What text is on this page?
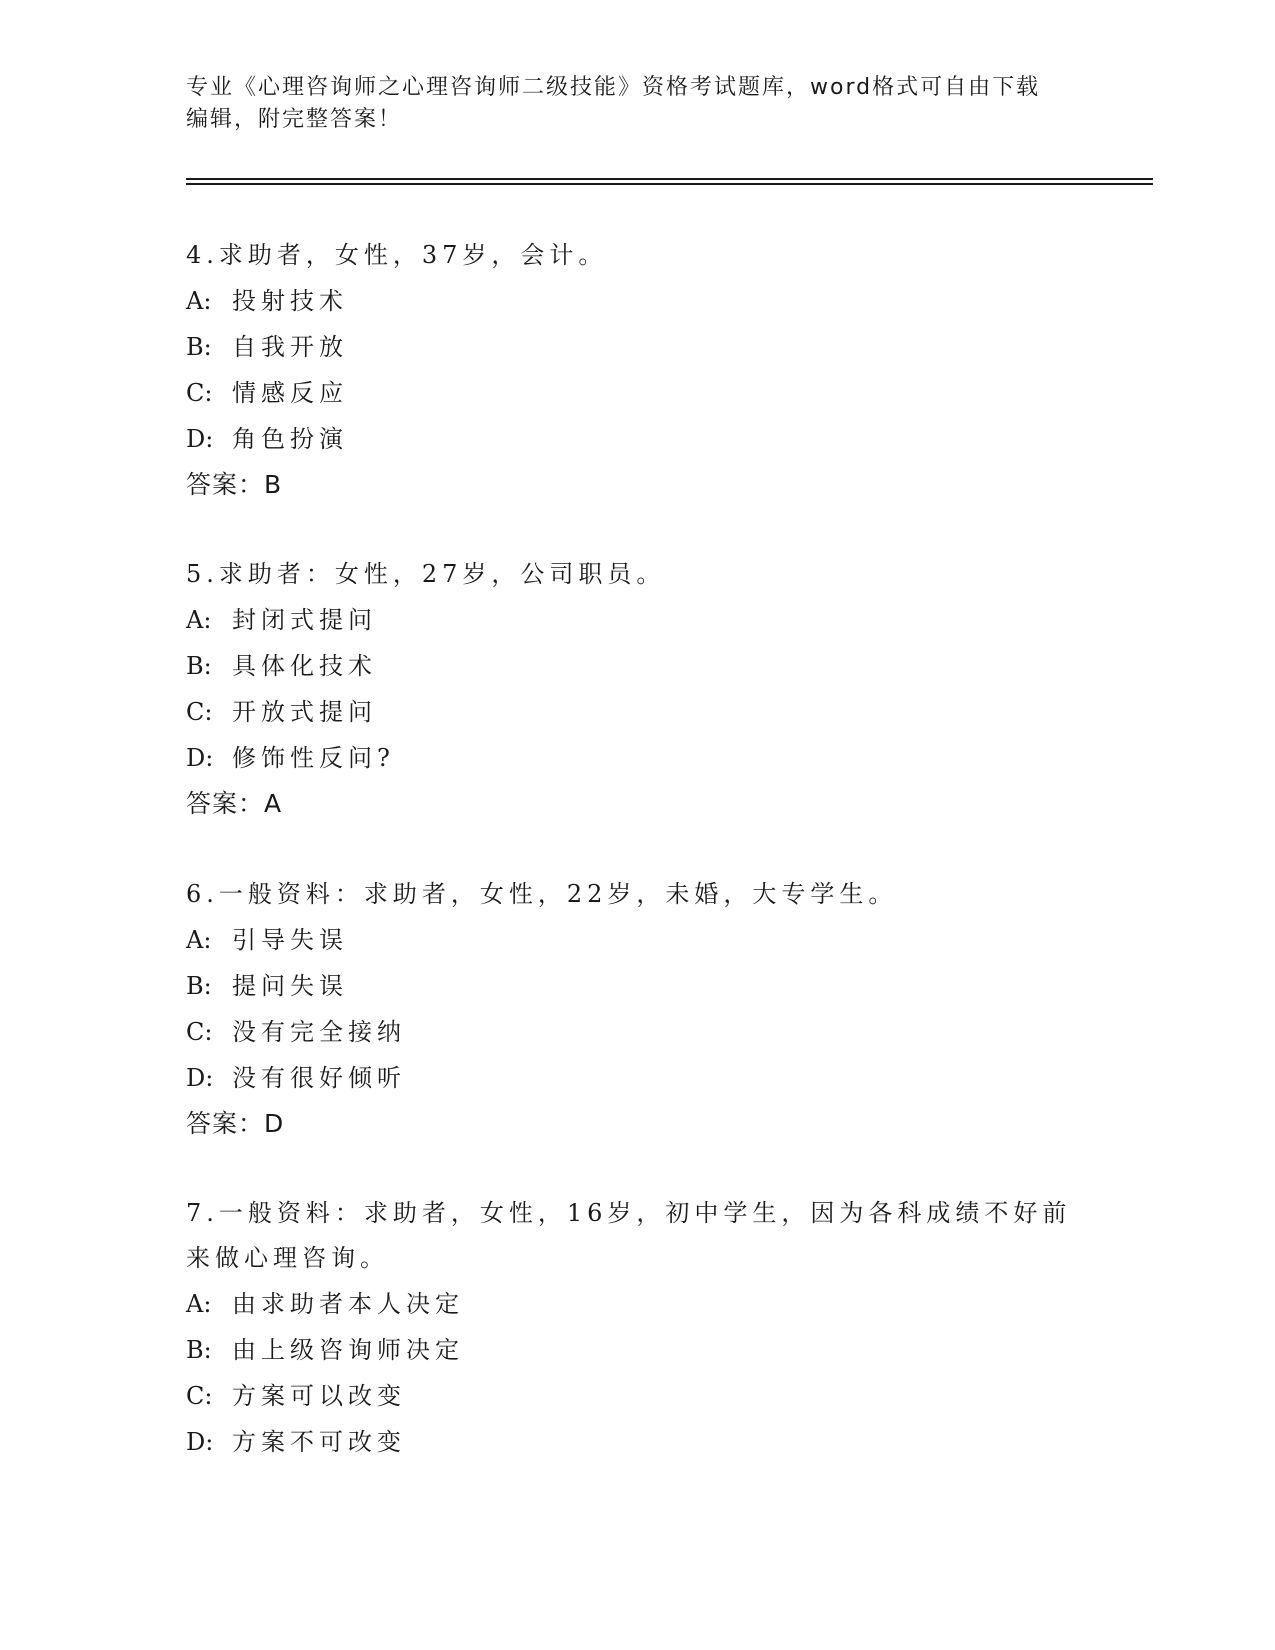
专业《心理咨询师之心理咨询师二级技能》资格考试题库，word格式可自由下载
编辑，附完整答案！
4.求助者，女性，37岁，会计。
A: 投射技术
B: 自我开放
C: 情感反应
D: 角色扮演
答案：B
5.求助者：女性，27岁，公司职员。
A: 封闭式提问
B: 具体化技术
C: 开放式提问
D: 修饰性反问?
答案：A
6.一般资料：求助者，女性，22岁，未婚，大专学生。
A: 引导失误
B: 提问失误
C: 没有完全接纳
D: 没有很好倾听
答案：D
7.一般资料：求助者，女性，16岁，初中学生，因为各科成绩不好前
来做心理咨询。
A: 由求助者本人决定
B: 由上级咨询师决定
C: 方案可以改变
D: 方案不可改变
